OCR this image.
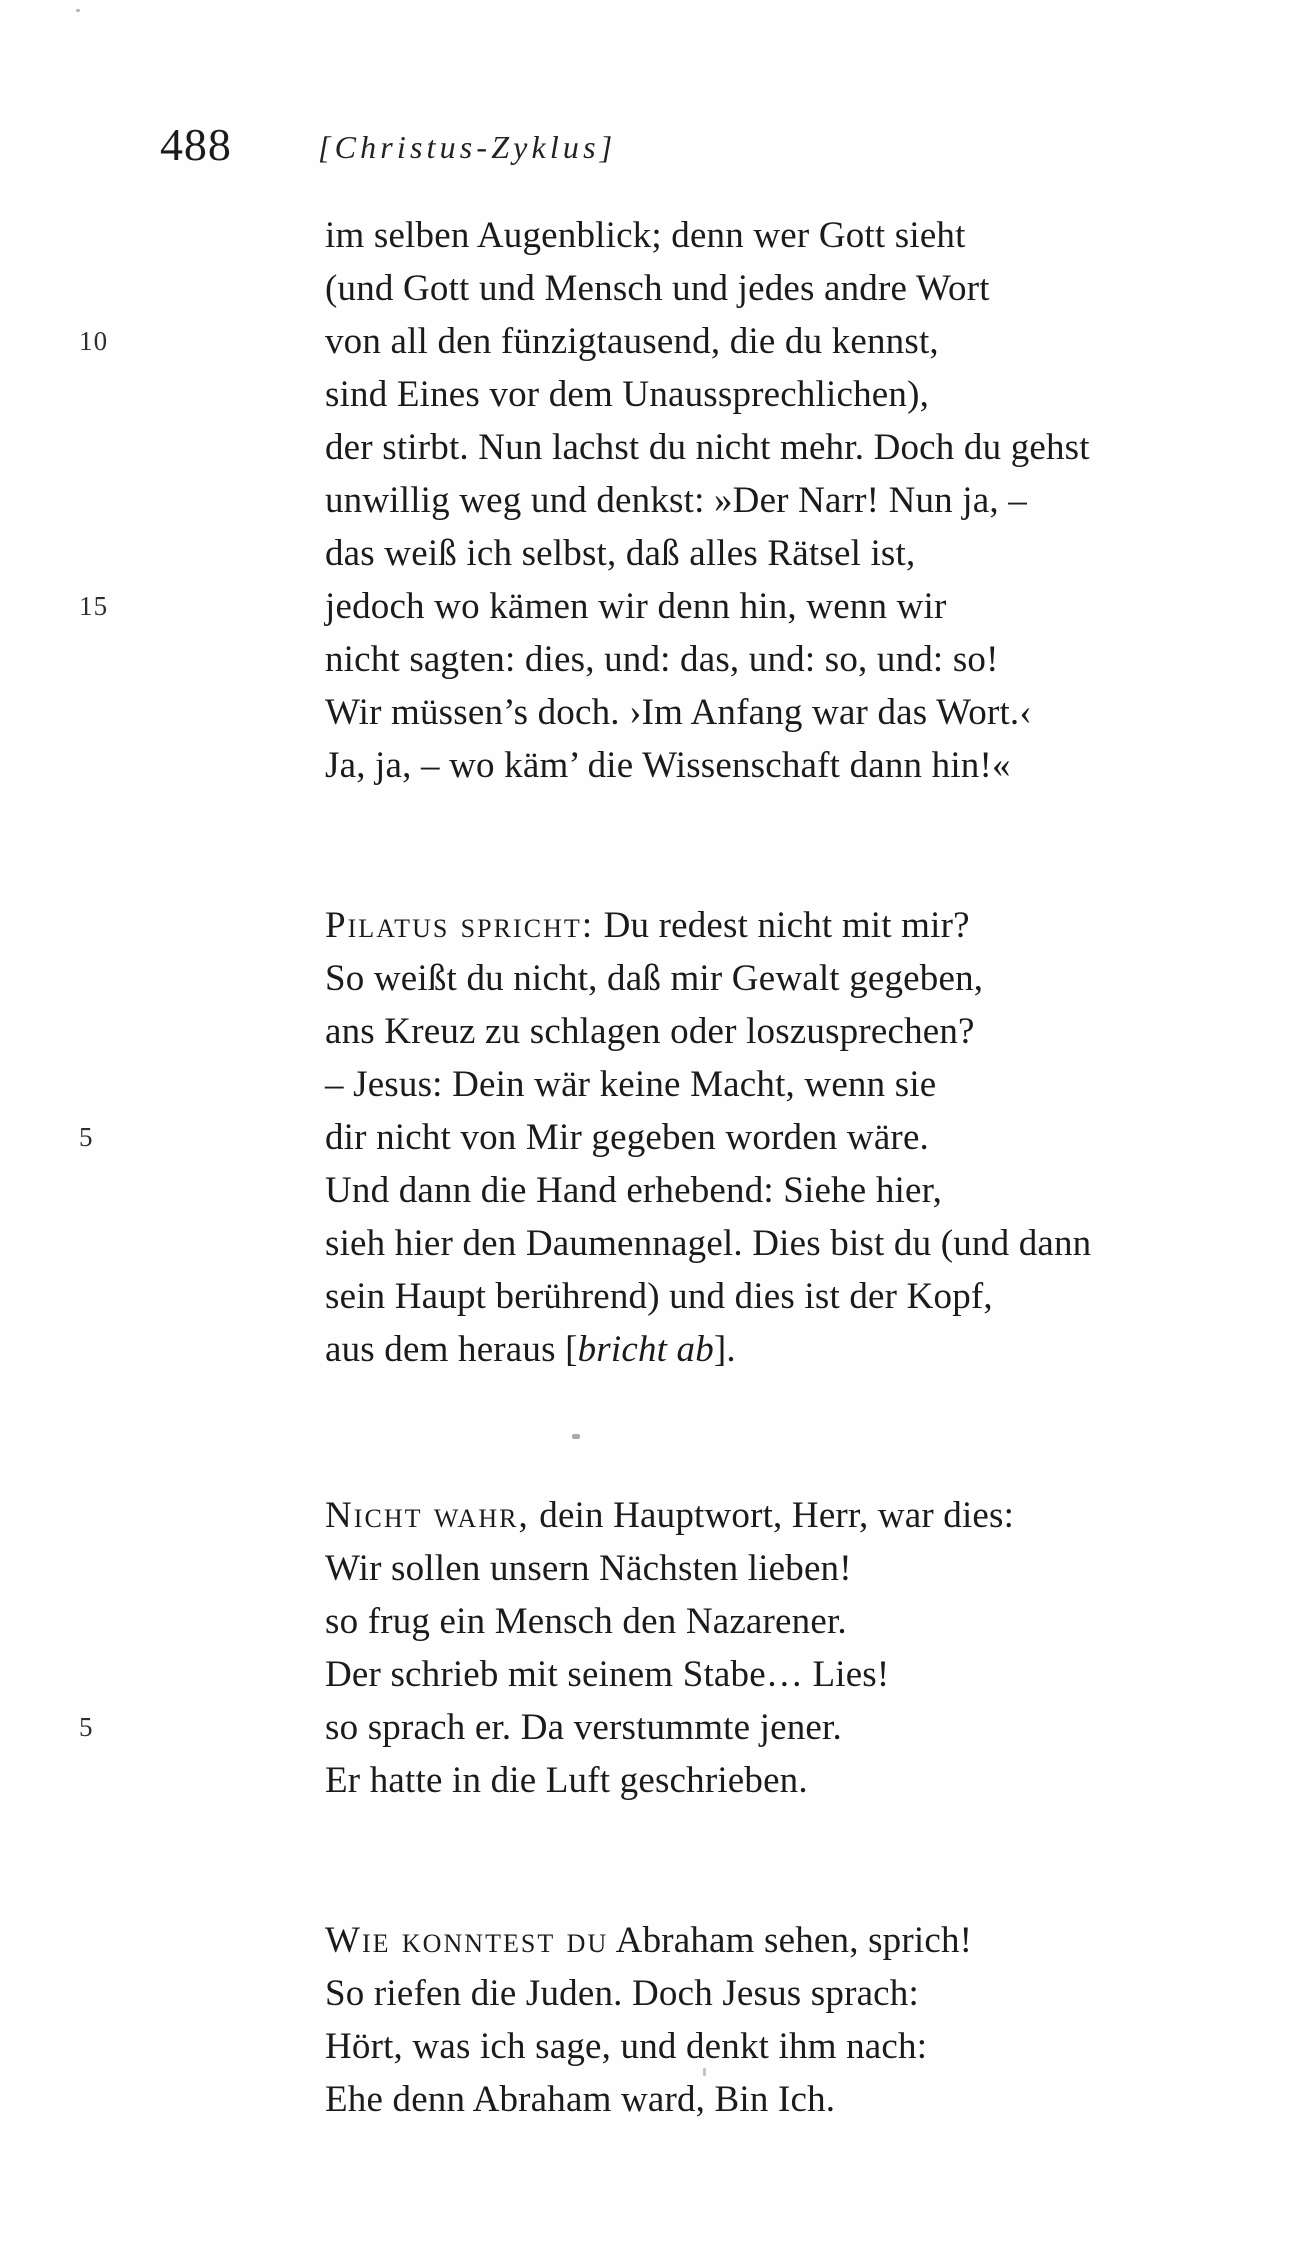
488	[Christus-Zyklus]
im selben Augenblick; denn wer Gott sieht
(und Gott und Mensch und jedes andre Wort
von all den fünzigtausend, die du kennst,
sind Eines vor dem Unaussprechlichen),
der stirbt. Nun lachst du nicht mehr. Doch du gehst
unwillig weg und denkst: »Der Narr! Nun ja, –
das weiß ich selbst, daß alles Rätsel ist,
jedoch wo kämen wir denn hin, wenn wir
nicht sagten: dies, und: das, und: so, und: so!
Wir müssen’s doch. ›Im Anfang war das Wort.‹
Ja, ja, – wo käm’ die Wissenschaft dann hin!«
Pilatus spricht: Du redest nicht mit mir?
So weißt du nicht, daß mir Gewalt gegeben,
ans Kreuz zu schlagen oder loszusprechen?
– Jesus: Dein wär keine Macht, wenn sie
dir nicht von Mir gegeben worden wäre.
Und dann die Hand erhebend: Siehe hier,
sieh hier den Daumennagel. Dies bist du (und dann
sein Haupt berührend) und dies ist der Kopf,
aus dem heraus [bricht ab].
Nicht wahr, dein Hauptwort, Herr, war dies:
Wir sollen unsern Nächsten lieben!
so frug ein Mensch den Nazarener.
Der schrieb mit seinem Stabe… Lies!
so sprach er. Da verstummte jener.
Er hatte in die Luft geschrieben.
Wie konntest du Abraham sehen, sprich!
So riefen die Juden. Doch Jesus sprach:
Hört, was ich sage, und denkt ihm nach:
Ehe denn Abraham ward, Bin Ich.
10
15
5
5
